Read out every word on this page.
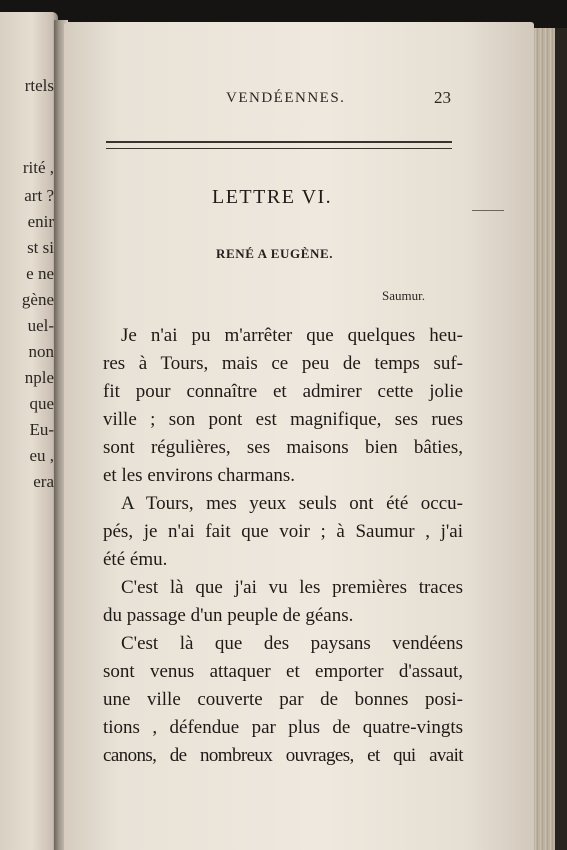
rtels
rité ,
art ?
enir
st si
e ne
gène
uel-
non
nple
que
Eu-
eu ,
era
VENDÉENNES.	23
LETTRE VI.
RENÉ A EUGÈNE.
Saumur.
Je n'ai pu m'arrêter que quelques heu-
res à Tours, mais ce peu de temps suf-
fit pour connaître et admirer cette jolie
ville ; son pont est magnifique, ses rues
sont régulières, ses maisons bien bâties,
et les environs charmans.
A Tours, mes yeux seuls ont été occu-
pés, je n'ai fait que voir ; à Saumur , j'ai
été ému.
C'est là que j'ai vu les premières traces
du passage d'un peuple de géans.
C'est là que des paysans vendéens
sont venus attaquer et emporter d'assaut,
une ville couverte par de bonnes posi-
tions , défendue par plus de quatre-vingts
canons, de nombreux ouvrages, et qui avait
